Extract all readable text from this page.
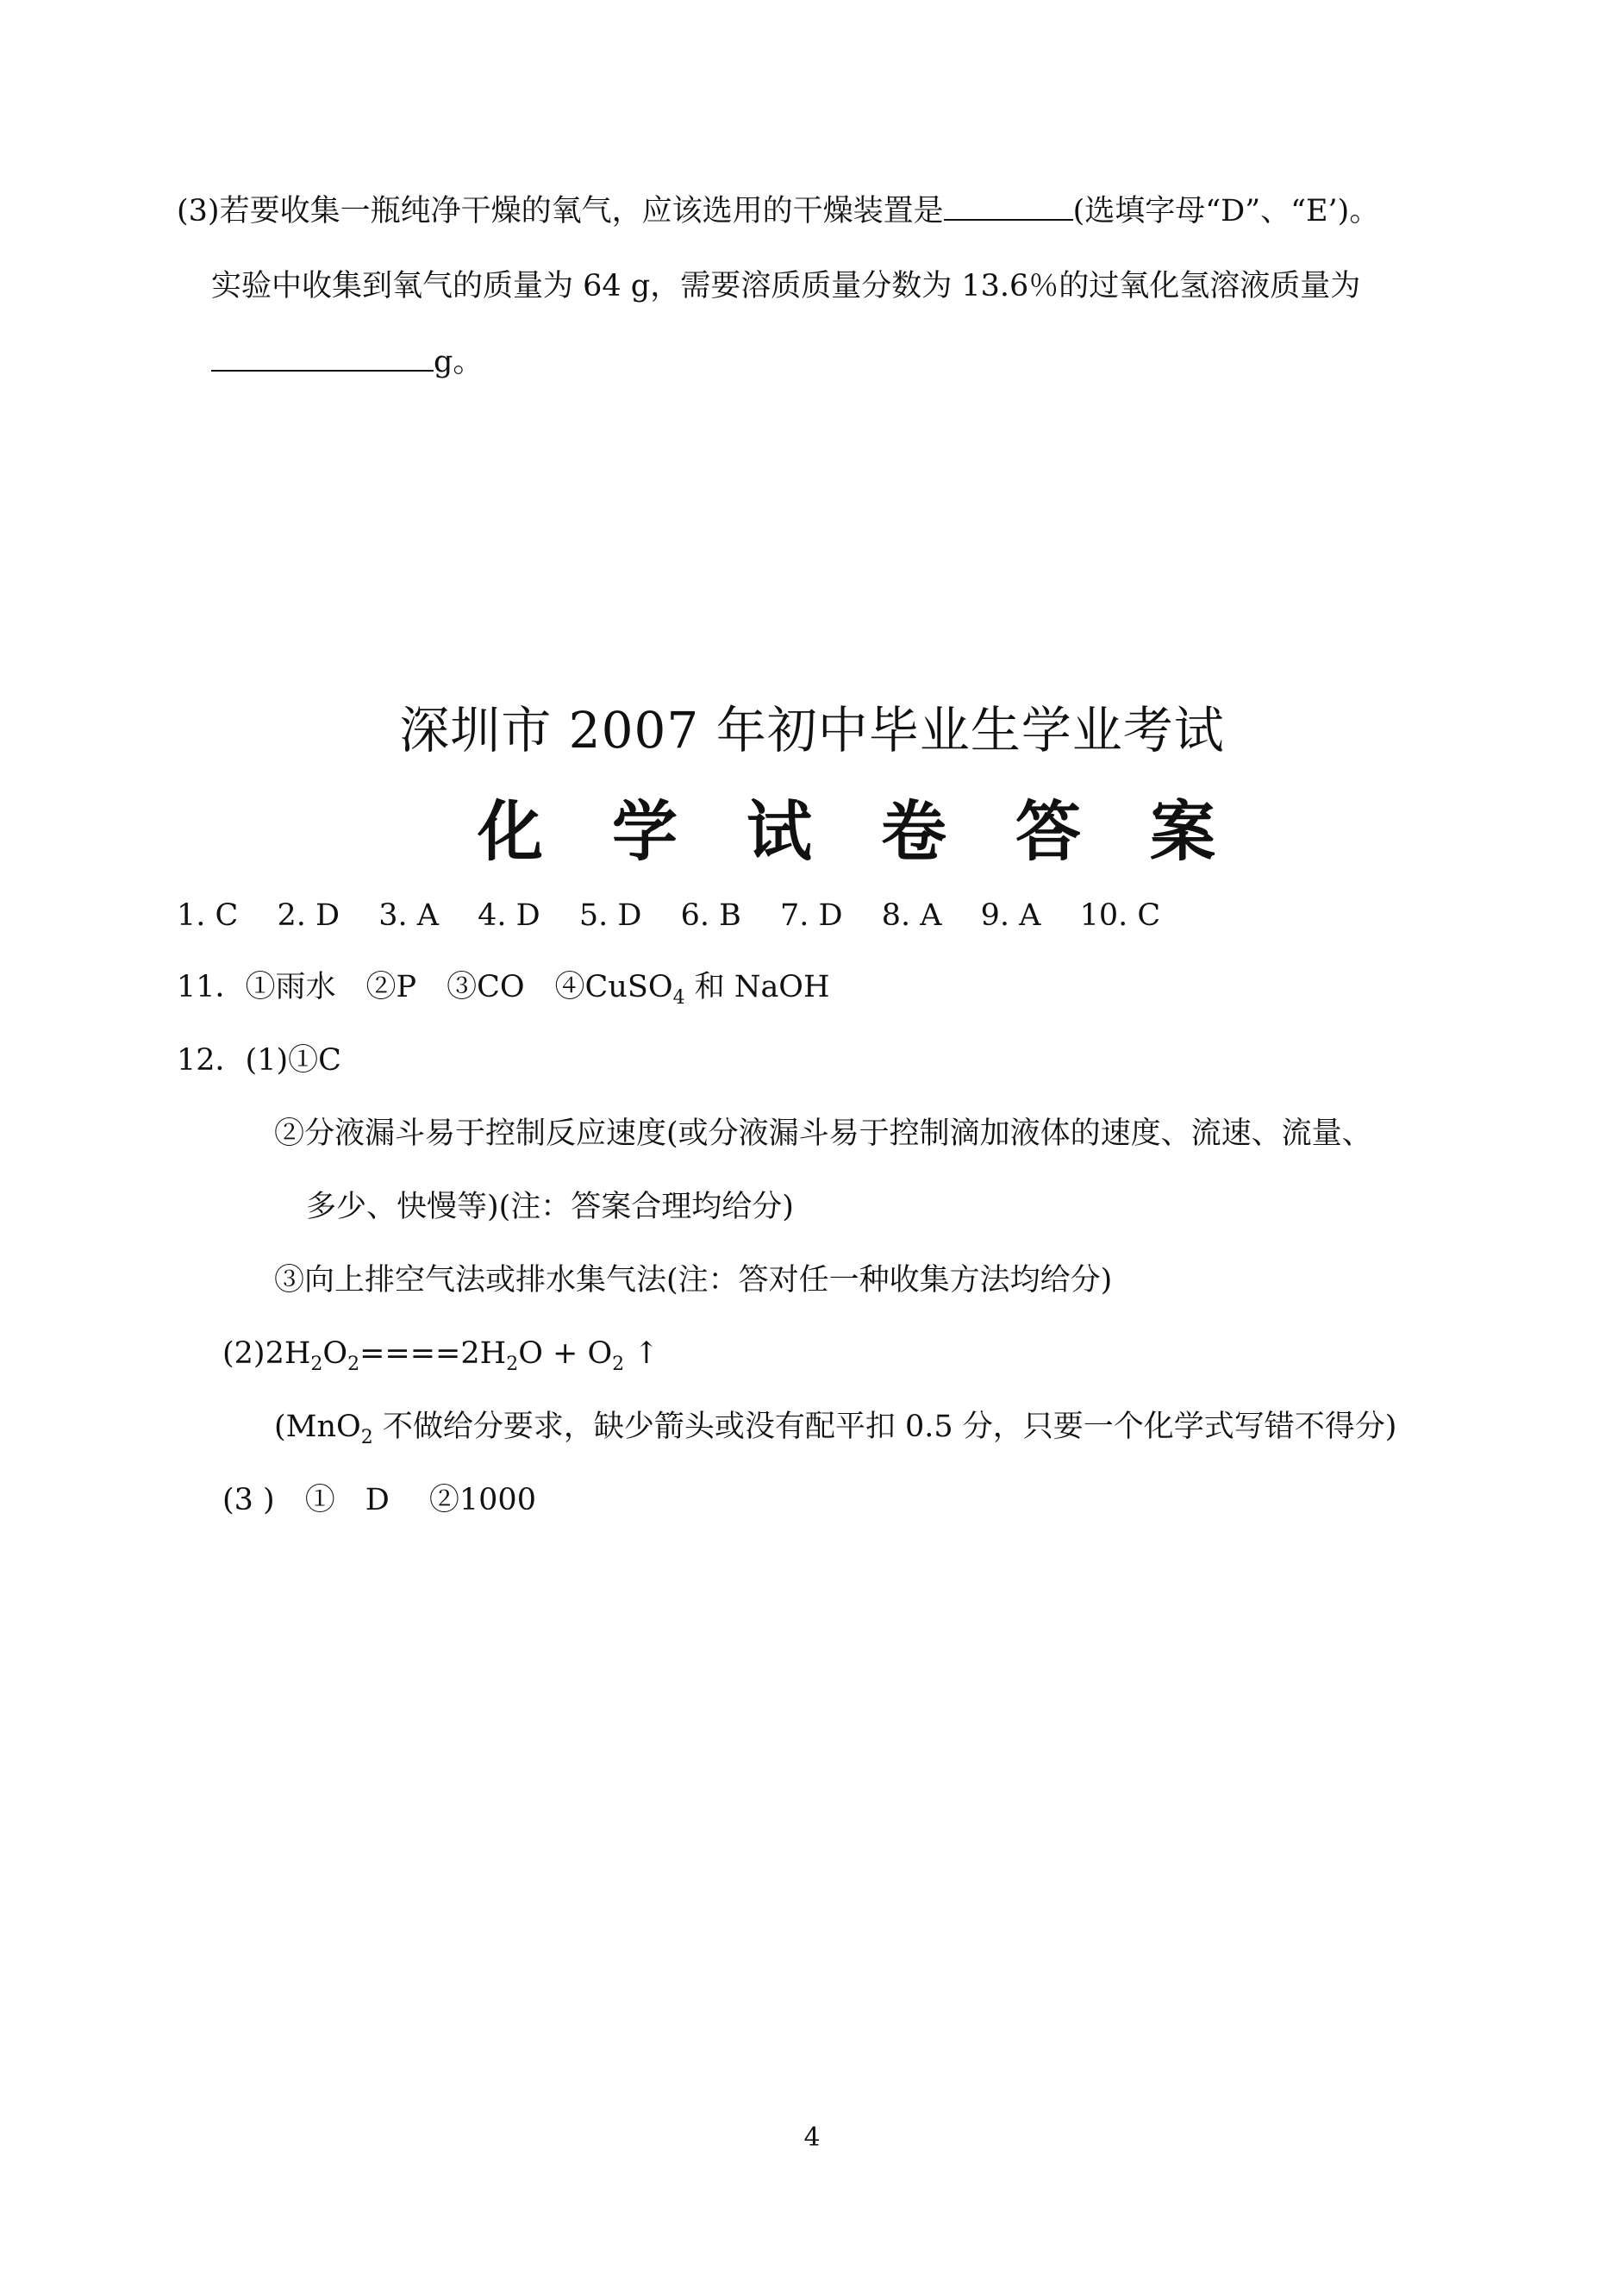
(3)若要收集一瓶纯净干燥的氧气，应该选用的干燥装置是	(选填字母“D”、“E’)。
实验中收集到氧气的质量为 64 g，需要溶质质量分数为 13.6％的过氧化氢溶液质量为
g。
深圳市 2007 年初中毕业生学业考试
化学试卷答案
1. C 2. D 3. A 4. D 5. D 6. B 7. D 8. A 9. A 10. C
11．①雨水　②P　③CO　④CuSO$_4$ 和 NaOH
12．(1)①C
②分液漏斗易于控制反应速度(或分液漏斗易于控制滴加液体的速度、流速、流量、
多少、快慢等)(注：答案合理均给分)
③向上排空气法或排水集气法(注：答对任一种收集方法均给分)
$(2)2H_2O_2====2H_2O + O_2$ ↑
(MnO$_2$ 不做给分要求，缺少箭头或没有配平扣 0.5 分，只要一个化学式写错不得分)
(3 )　①　D　 ②1000
4
